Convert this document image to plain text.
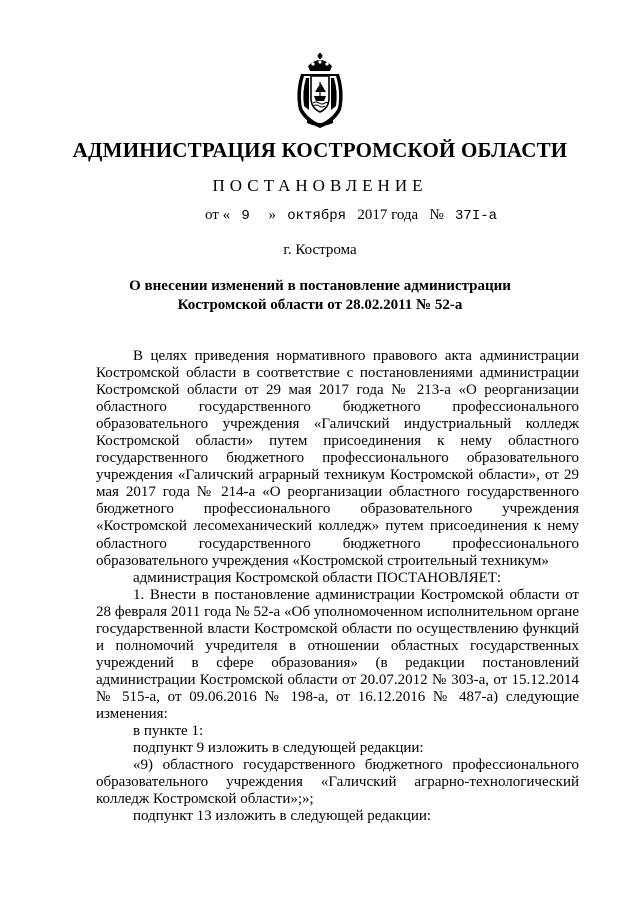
АДМИНИСТРАЦИЯ КОСТРОМСКОЙ ОБЛАСТИ
ПОСТАНОВЛЕНИЕ
от « 9 » октября 2017 года № 37I-а
г. Кострома
О внесении изменений в постановление администрации
Костромской области от 28.02.2011 № 52-а

В целях приведения нормативного правового акта администрации Костромской области в соответствие с постановлениями администрации Костромской области от 29 мая 2017 года № 213-а «О реорганизации областного государственного бюджетного профессионального образовательного учреждения «Галичский индустриальный колледж Костромской области» путем присоединения к нему областного государственного бюджетного профессионального образовательного учреждения «Галичский аграрный техникум Костромской области», от 29 мая 2017 года № 214-а «О реорганизации областного государственного бюджетного профессионального образовательного учреждения «Костромской лесомеханический колледж» путем присоединения к нему областного государственного бюджетного профессионального образовательного учреждения «Костромской строительный техникум»

администрация Костромской области ПОСТАНОВЛЯЕТ:

1. Внести в постановление администрации Костромской области от 28 февраля 2011 года № 52-а «Об уполномоченном исполнительном органе государственной власти Костромской области по осуществлению функций и полномочий учредителя в отношении областных государственных учреждений в сфере образования» (в редакции постановлений администрации Костромской области от 20.07.2012 № 303-а, от 15.12.2014 № 515-а, от 09.06.2016 № 198-а, от 16.12.2016 № 487-а) следующие изменения:

в пункте 1:

подпункт 9 изложить в следующей редакции:

«9) областного государственного бюджетного профессионального образовательного учреждения «Галичский аграрно-технологический колледж Костромской области»;»;

подпункт 13 изложить в следующей редакции:
